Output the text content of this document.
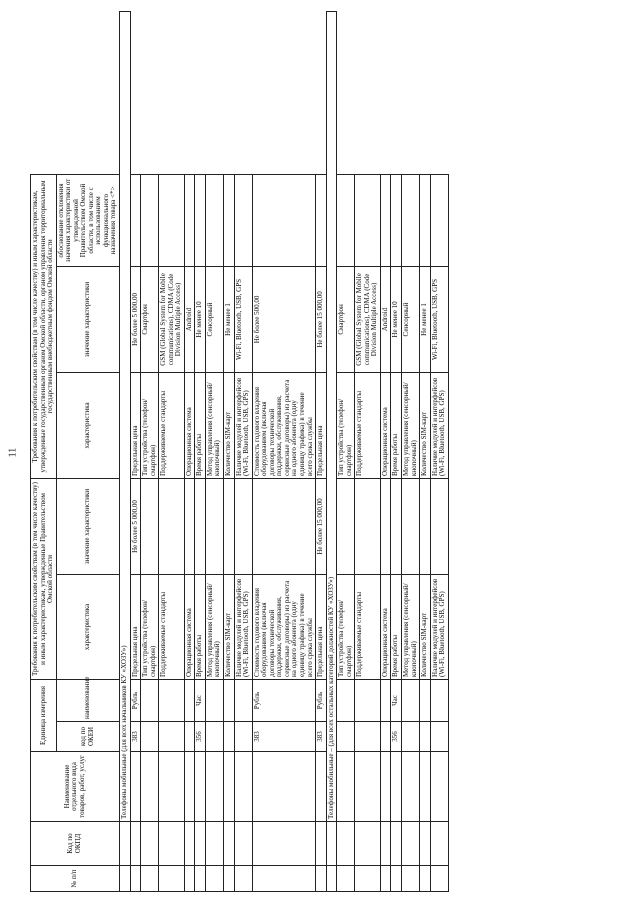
11
№ п/п	Код по ОКПД	Наименование отдельного вида товаров, работ, услуг	Единица измерения		Требования к потребительским свойствам (в том числе качеству) и иным характеристикам, утвержденные Правительством Омской области		Требования к потребительским свойствам (в том числе качеству) и иным характеристикам, утвержденные государственным органом Омской области, органом управления территориальным государственным внебюджетным фондом Омской области			
			код по ОКЕИ	наименование	характеристика	значение характеристики	характеристика	значение характеристики	обоснование отклонения значения характеристики от утвержденной Правительством Омской области, в том числе с использованием функционального назначения товара <*>	
		Телефоны мобильные (для всех начальников КУ «ХОЗУ»)								
			383	Рубль	Предельная цена	Не более 5 000,00	Предельная цена	Не более 5 000,00		
					Тип устройства (телефон/смартфон)		Тип устройства (телефон/смартфон)	Смартфон		
					Поддерживаемые стандарты		Поддерживаемые стандарты	GSM (Global System for Mobile communications), CDMA (Code Division Multiple Access)		
					Операционная система		Операционная система	Android		
			356	Час	Время работы		Время работы	Не менее 10		
					Метод управления (сенсорный/ кнопочный)		Метод управления (сенсорный/ кнопочный)	Сенсорный		
					Количество SIM-карт		Количество SIM-карт	Не менее 1		
					Наличие модулей и интерфейсов (Wi-Fi, Bluetooth, USB, GPS)		Наличие модулей и интерфейсов (Wi-Fi, Bluetooth, USB, GPS)	Wi-Fi, Bluetooth, USB, GPS		
			383	Рубль	Стоимость годового владения оборудованием (включая договоры технической поддержки, обслуживания, сервисные договоры) из расчета на одного абонента (одну единицу трафика) в течение всего срока службы		Стоимость годового владения оборудованием (включая договоры технической поддержки, обслуживания, сервисные договоры) из расчета на одного абонента (одну единицу трафика) в течение всего срока службы	Не более 500,00		
			383	Рубль	Предельная цена	Не более 15 000,00	Предельная цена	Не более 15 000,00		
		Телефоны мобильные – (для всех остальных категорий должностей КУ «ХОЗУ»)								
					Тип устройства (телефон/смартфон)		Тип устройства (телефон/смартфон)	Смартфон		
					Поддерживаемые стандарты		Поддерживаемые стандарты	GSM (Global System for Mobile communications), CDMA (Code Division Multiple Access)		
					Операционная система		Операционная система	Android		
			356	Час	Время работы		Время работы	Не менее 10		
					Метод управления (сенсорный/ кнопочный)		Метод управления (сенсорный/ кнопочный)	Сенсорный		
					Количество SIM-карт		Количество SIM-карт	Не менее 1		
					Наличие модулей и интерфейсов (Wi-Fi, Bluetooth, USB, GPS)		Наличие модулей и интерфейсов (Wi-Fi, Bluetooth, USB, GPS)	Wi-Fi, Bluetooth, USB, GPS		
